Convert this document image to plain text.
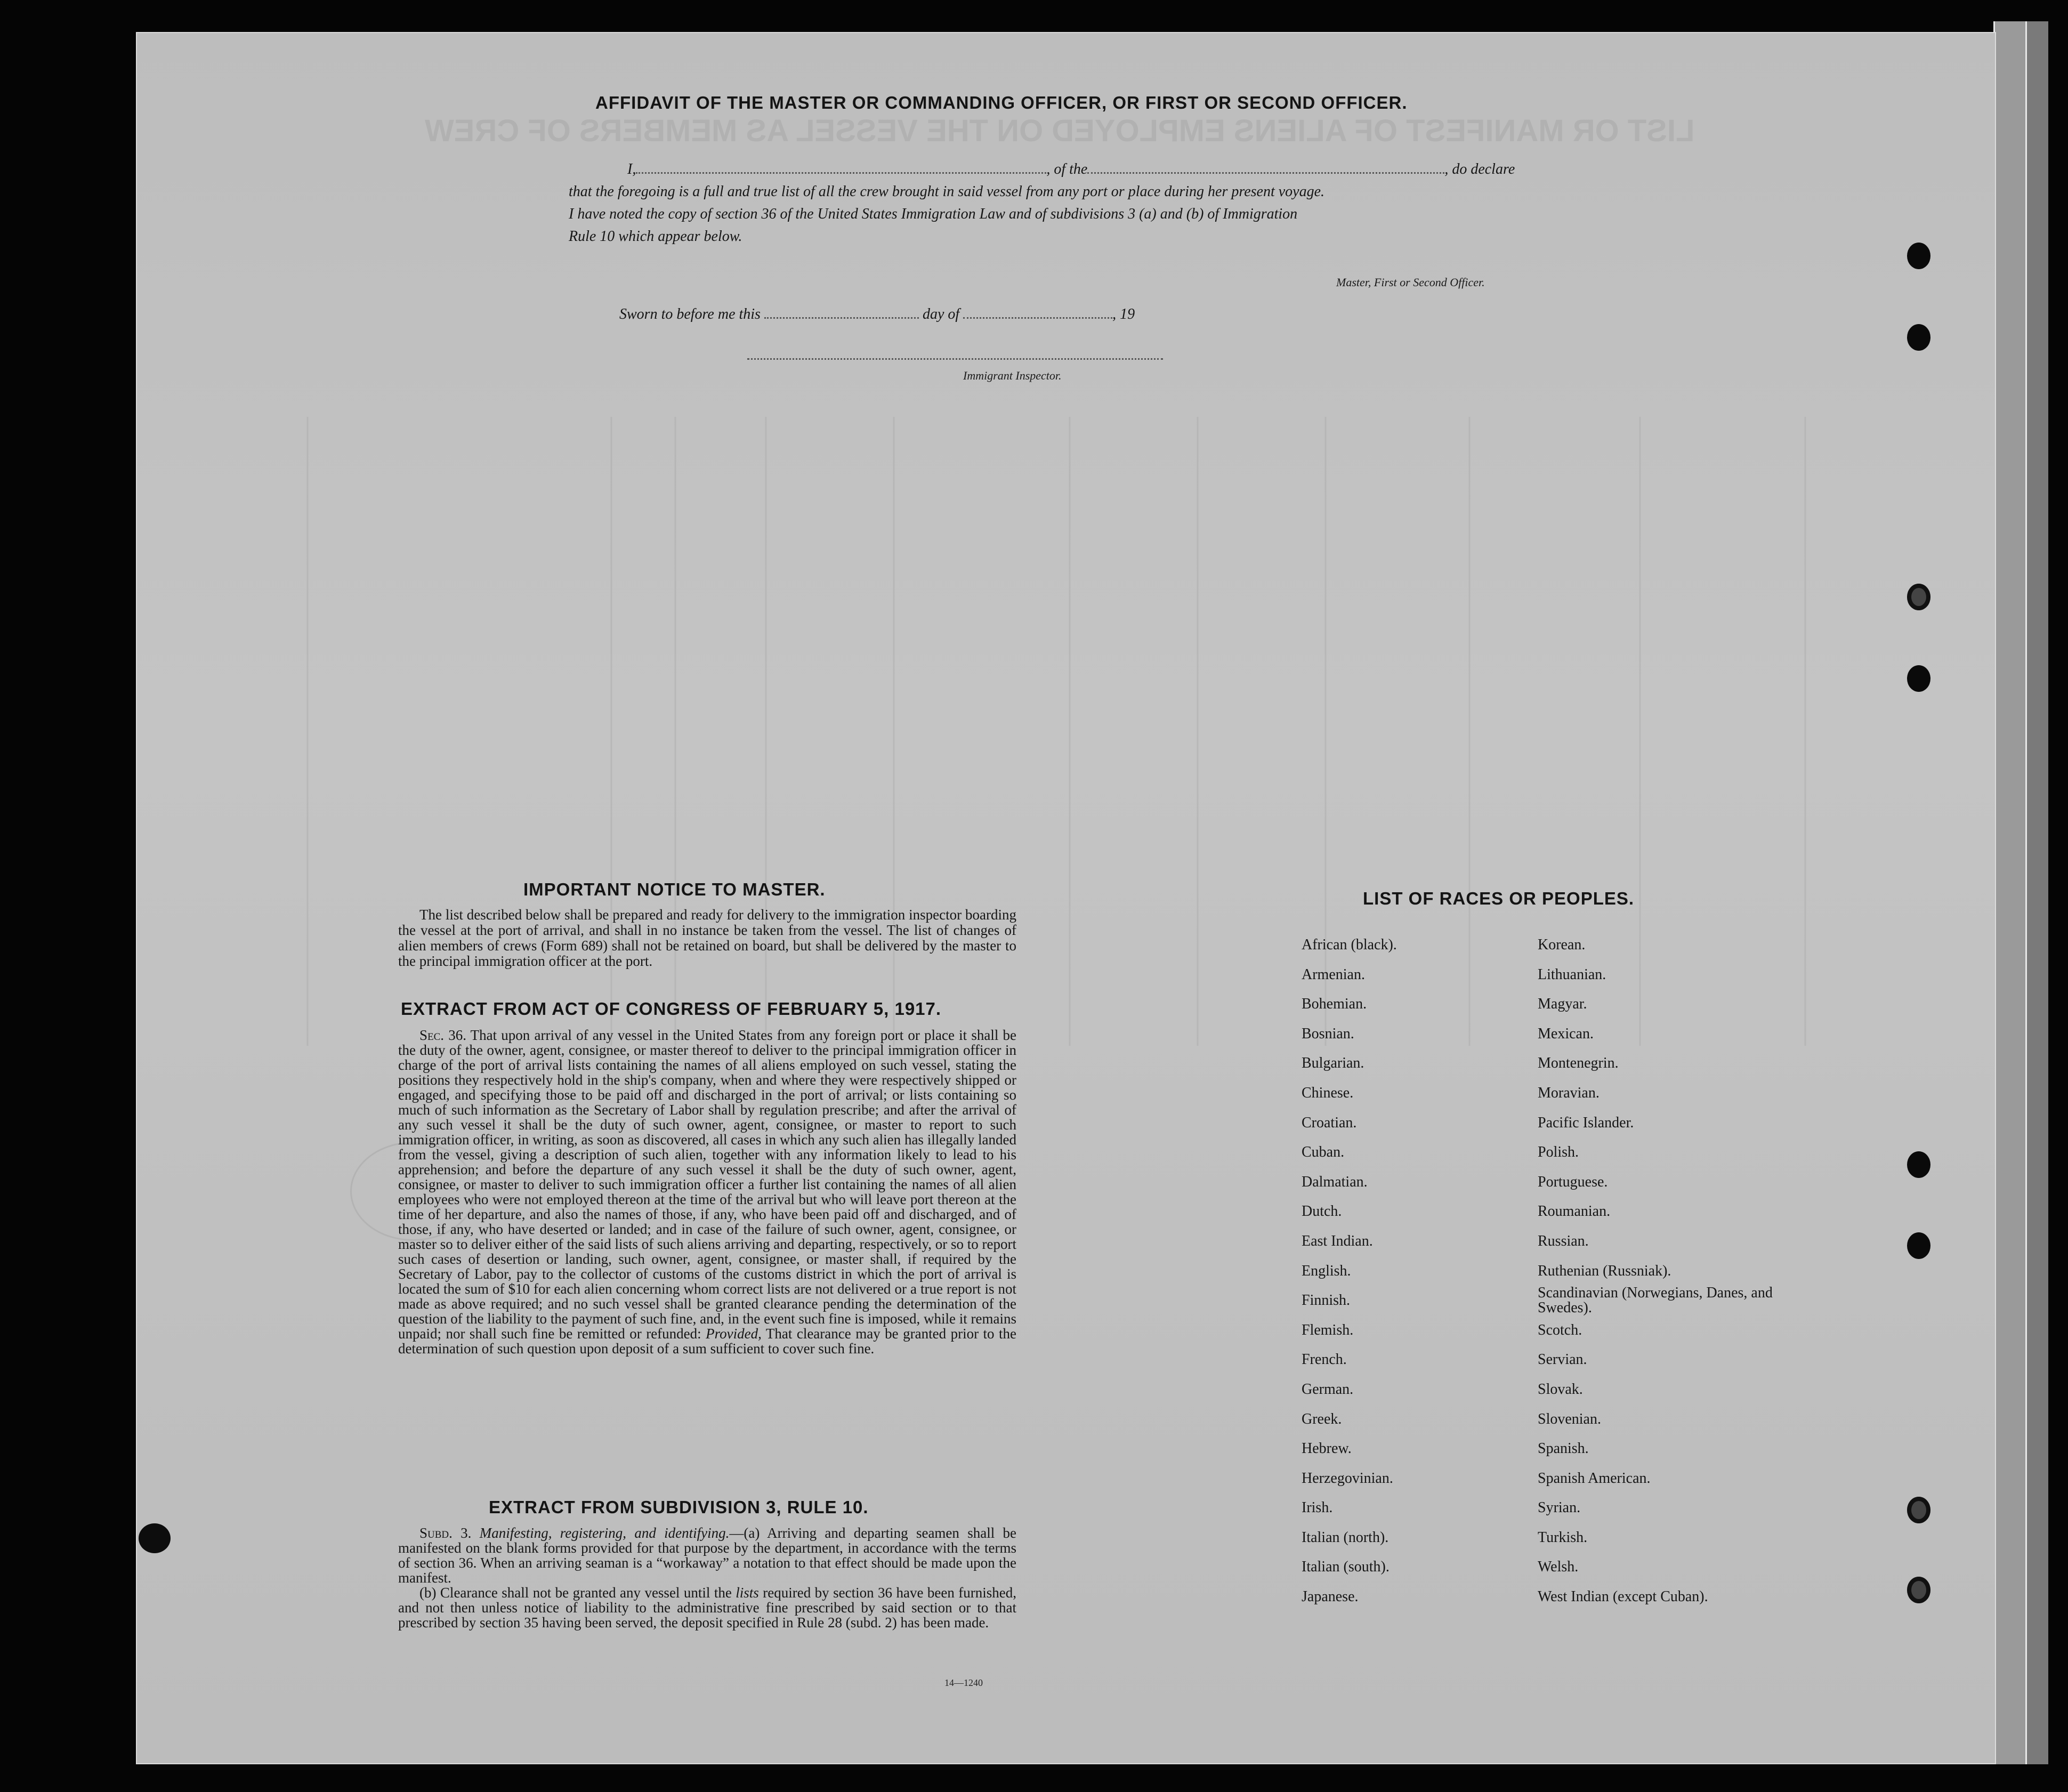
LIST OR MANIFEST OF ALIENS EMPLOYED ON THE VESSEL AS MEMBERS OF CREW
AFFIDAVIT OF THE MASTER OR COMMANDING OFFICER, OR FIRST OR SECOND OFFICER.
I,	, of the	, do declare
that the foregoing is a full and true list of all the crew brought in said vessel from any port or place during her present voyage.
I have noted the copy of section 36 of the United States Immigration Law and of subdivisions 3 (a) and (b) of Immigration
Rule 10 which appear below.
Master, First or Second Officer.
Sworn to before me this	day of	, 19
Immigrant Inspector.
IMPORTANT NOTICE TO MASTER.

The list described below shall be prepared and ready for delivery to the immigration inspector boarding the vessel at the port of arrival, and shall in no instance be taken from the vessel. The list of changes of alien members of crews (Form 689) shall not be retained on board, but shall be delivered by the master to the principal immigration officer at the port.

EXTRACT FROM ACT OF CONGRESS OF FEBRUARY 5, 1917.

Sec. 36. That upon arrival of any vessel in the United States from any foreign port or place it shall be the duty of the owner, agent, consignee, or master thereof to deliver to the principal immigration officer in charge of the port of arrival lists containing the names of all aliens employed on such vessel, stating the positions they respectively hold in the ship's company, when and where they were respectively shipped or engaged, and specifying those to be paid off and discharged in the port of arrival; or lists containing so much of such information as the Secretary of Labor shall by regulation prescribe; and after the arrival of any such vessel it shall be the duty of such owner, agent, consignee, or master to report to such immigration officer, in writing, as soon as discovered, all cases in which any such alien has illegally landed from the vessel, giving a description of such alien, together with any information likely to lead to his apprehension; and before the departure of any such vessel it shall be the duty of such owner, agent, consignee, or master to deliver to such immigration officer a further list containing the names of all alien employees who were not employed thereon at the time of the arrival but who will leave port thereon at the time of her departure, and also the names of those, if any, who have been paid off and discharged, and of those, if any, who have deserted or landed; and in case of the failure of such owner, agent, consignee, or master so to deliver either of the said lists of such aliens arriving and departing, respectively, or so to report such cases of desertion or landing, such owner, agent, consignee, or master shall, if required by the Secretary of Labor, pay to the collector of customs of the customs district in which the port of arrival is located the sum of $10 for each alien concerning whom correct lists are not delivered or a true report is not made as above required; and no such vessel shall be granted clearance pending the determination of the question of the liability to the payment of such fine, and, in the event such fine is imposed, while it remains unpaid; nor shall such fine be remitted or refunded: Provided, That clearance may be granted prior to the determination of such question upon deposit of a sum sufficient to cover such fine.

EXTRACT FROM SUBDIVISION 3, RULE 10.

Subd. 3. Manifesting, registering, and identifying.—(a) Arriving and departing seamen shall be manifested on the blank forms provided for that purpose by the department, in accordance with the terms of section 36. When an arriving seaman is a “workaway” a notation to that effect should be made upon the manifest.

(b) Clearance shall not be granted any vessel until the lists required by section 36 have been furnished, and not then unless notice of liability to the administrative fine prescribed by said section or to that prescribed by section 35 having been served, the deposit specified in Rule 28 (subd. 2) has been made.

14—1240
LIST OF RACES OR PEOPLES.
African (black).
Armenian.
Bohemian.
Bosnian.
Bulgarian.
Chinese.
Croatian.
Cuban.
Dalmatian.
Dutch.
East Indian.
English.
Finnish.
Flemish.
French.
German.
Greek.
Hebrew.
Herzegovinian.
Irish.
Italian (north).
Italian (south).
Japanese.
Korean.
Lithuanian.
Magyar.
Mexican.
Montenegrin.
Moravian.
Pacific Islander.
Polish.
Portuguese.
Roumanian.
Russian.
Ruthenian (Russniak).
Scandinavian (Norwegians, Danes, and Swedes).
Scotch.
Servian.
Slovak.
Slovenian.
Spanish.
Spanish American.
Syrian.
Turkish.
Welsh.
West Indian (except Cuban).
